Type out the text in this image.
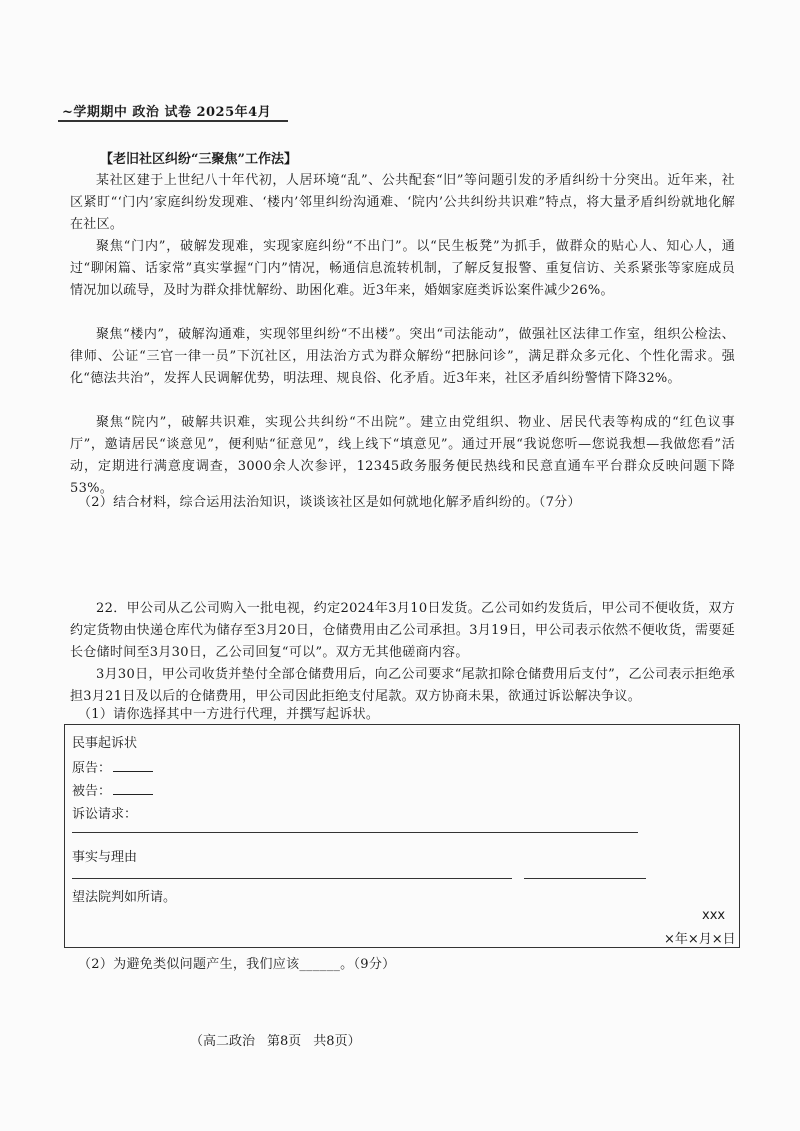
~学期期中 政治 试卷 2025年4月
【老旧社区纠纷“三聚焦”工作法】
某社区建于上世纪八十年代初，人居环境“乱”、公共配套“旧”等问题引发的矛盾纠纷十分突出。近年来，社区紧盯“‘门内’家庭纠纷发现难、‘楼内’邻里纠纷沟通难、‘院内’公共纠纷共识难”特点，将大量矛盾纠纷就地化解在社区。
聚焦“门内”，破解发现难，实现家庭纠纷“不出门”。以“民生板凳”为抓手，做群众的贴心人、知心人，通过“聊闲篇、话家常”真实掌握“门内”情况，畅通信息流转机制，了解反复报警、重复信访、关系紧张等家庭成员情况加以疏导，及时为群众排忧解纷、助困化难。近3年来，婚姻家庭类诉讼案件减少26%。
聚焦“楼内”，破解沟通难，实现邻里纠纷“不出楼”。突出“司法能动”，做强社区法律工作室，组织公检法、律师、公证“三官一律一员”下沉社区，用法治方式为群众解纷“把脉问诊”，满足群众多元化、个性化需求。强化“德法共治”，发挥人民调解优势，明法理、规良俗、化矛盾。近3年来，社区矛盾纠纷警情下降32%。
聚焦“院内”，破解共识难，实现公共纠纷“不出院”。建立由党组织、物业、居民代表等构成的“红色议事厅”，邀请居民“谈意见”，便利贴“征意见”，线上线下“填意见”。通过开展“我说您听—您说我想—我做您看”活动，定期进行满意度调查，3000余人次参评，12345政务服务便民热线和民意直通车平台群众反映问题下降53%。
（2）结合材料，综合运用法治知识，谈谈该社区是如何就地化解矛盾纠纷的。（7分）
22．甲公司从乙公司购入一批电视，约定2024年3月10日发货。乙公司如约发货后，甲公司不便收货，双方约定货物由快递仓库代为储存至3月20日，仓储费用由乙公司承担。3月19日，甲公司表示依然不便收货，需要延长仓储时间至3月30日，乙公司回复“可以”。双方无其他磋商内容。
3月30日，甲公司收货并垫付全部仓储费用后，向乙公司要求“尾款扣除仓储费用后支付”，乙公司表示拒绝承担3月21日及以后的仓储费用，甲公司因此拒绝支付尾款。双方协商未果，欲通过诉讼解决争议。
（1）请你选择其中一方进行代理，并撰写起诉状。
民事起诉状
原告：
被告：
诉讼请求：
事实与理由
望法院判如所请。
xxx
×年×月×日
（2）为避免类似问题产生，我们应该______。（9分）
（高二政治 第8页 共8页）
